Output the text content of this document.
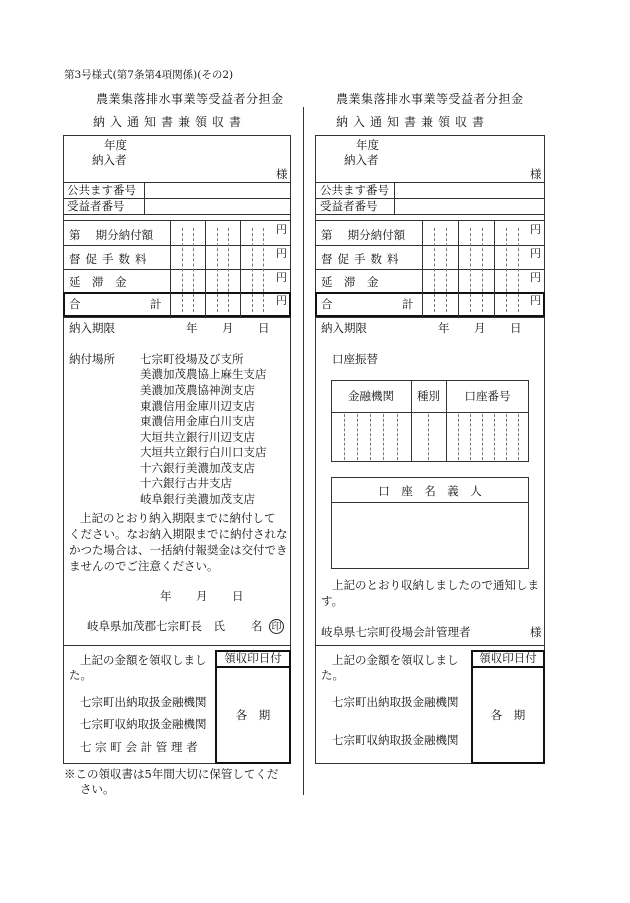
第3号様式(第7条第4項関係)(その2)
農業集落排水事業等受益者分担金
納入通知書兼領収書
年度
納入者
様
公共ます番号
受益者番号
第　 期分納付額	円
督促手数料	円
延　滞　金	円
合	計	円
納入期限	年 月 日
納付場所 七宗町役場及び支所
美濃加茂農協上麻生支店
美濃加茂農協神渕支店
東濃信用金庫川辺支店
東濃信用金庫白川支店
大垣共立銀行川辺支店
大垣共立銀行白川口支店
十六銀行美濃加茂支店
十六銀行古井支店
岐阜銀行美濃加茂支店
上記のとおり納入期限までに納付して
ください。なお納入期限までに納付されな
かつた場合は、一括納付報奨金は交付でき
ませんのでご注意ください。
年 月 日
岐阜県加茂郡七宗町長　氏 名 印
上記の金額を領収しまし
た。
領収印日付
各　期
七宗町出納取扱金融機関
七宗町収納取扱金融機関
七 宗 町 会 計 管 理 者
※この領収書は5年間大切に保管してくだ
さい。
農業集落排水事業等受益者分担金
納入通知書兼領収書
年度
納入者
様
公共ます番号
受益者番号
第　 期分納付額	円
督促手数料	円
延　滞　金	円
合	計	円
納入期限	年 月 日
口座振替
金融機関	種別	口座番号
口　座　名　義　人
上記のとおり収納しましたので通知しま
す。
岐阜県七宗町役場会計管理者	様
上記の金額を領収しまし
た。
領収印日付
各　期
七宗町出納取扱金融機関
七宗町収納取扱金融機関
